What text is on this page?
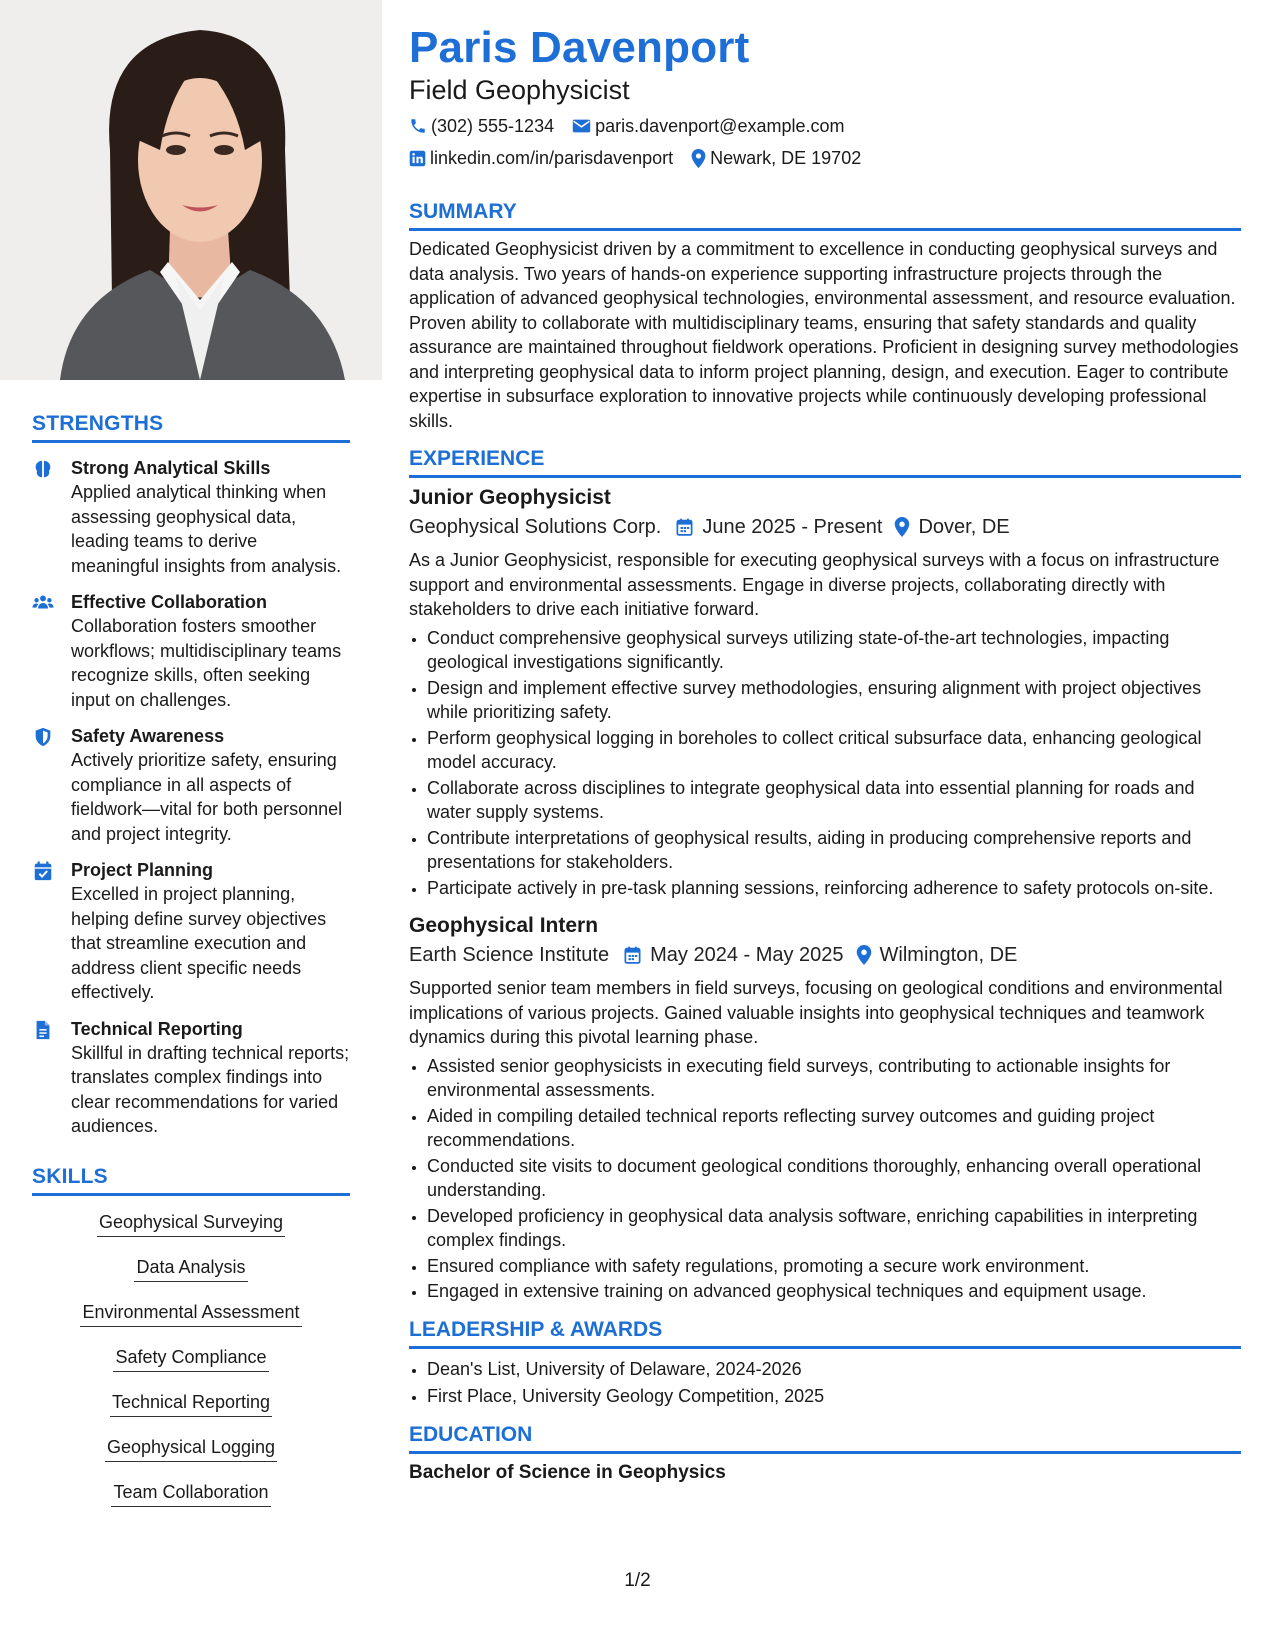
STRENGTHS
Strong Analytical Skills
Applied analytical thinking when assessing geophysical data, leading teams to derive meaningful insights from analysis.
Effective Collaboration
Collaboration fosters smoother workflows; multidisciplinary teams recognize skills, often seeking input on challenges.
Safety Awareness
Actively prioritize safety, ensuring compliance in all aspects of fieldwork—vital for both personnel and project integrity.
Project Planning
Excelled in project planning, helping define survey objectives that streamline execution and address client specific needs effectively.
Technical Reporting
Skillful in drafting technical reports; translates complex findings into clear recommendations for varied audiences.
SKILLS
Geophysical Surveying
Data Analysis
Environmental Assessment
Safety Compliance
Technical Reporting
Geophysical Logging
Team Collaboration
Paris Davenport
Field Geophysicist
(302) 555-1234 paris.davenport@example.com
linkedin.com/in/parisdavenport Newark, DE 19702
SUMMARY

Dedicated Geophysicist driven by a commitment to excellence in conducting geophysical surveys and data analysis. Two years of hands-on experience supporting infrastructure projects through the application of advanced geophysical technologies, environmental assessment, and resource evaluation. Proven ability to collaborate with multidisciplinary teams, ensuring that safety standards and quality assurance are maintained throughout fieldwork operations. Proficient in designing survey methodologies and interpreting geophysical data to inform project planning, design, and execution. Eager to contribute expertise in subsurface exploration to innovative projects while continuously developing professional skills.

EXPERIENCE
Junior Geophysicist
Geophysical Solutions Corp. June 2025 - Present Dover, DE

As a Junior Geophysicist, responsible for executing geophysical surveys with a focus on infrastructure support and environmental assessments. Engage in diverse projects, collaborating directly with stakeholders to drive each initiative forward.

• Conduct comprehensive geophysical surveys utilizing state-of-the-art technologies, impacting geological investigations significantly.
• Design and implement effective survey methodologies, ensuring alignment with project objectives while prioritizing safety.
• Perform geophysical logging in boreholes to collect critical subsurface data, enhancing geological model accuracy.
• Collaborate across disciplines to integrate geophysical data into essential planning for roads and water supply systems.
• Contribute interpretations of geophysical results, aiding in producing comprehensive reports and presentations for stakeholders.
• Participate actively in pre-task planning sessions, reinforcing adherence to safety protocols on-site.
Geophysical Intern
Earth Science Institute May 2024 - May 2025 Wilmington, DE

Supported senior team members in field surveys, focusing on geological conditions and environmental implications of various projects. Gained valuable insights into geophysical techniques and teamwork dynamics during this pivotal learning phase.

• Assisted senior geophysicists in executing field surveys, contributing to actionable insights for environmental assessments.
• Aided in compiling detailed technical reports reflecting survey outcomes and guiding project recommendations.
• Conducted site visits to document geological conditions thoroughly, enhancing overall operational understanding.
• Developed proficiency in geophysical data analysis software, enriching capabilities in interpreting complex findings.
• Ensured compliance with safety regulations, promoting a secure work environment.
• Engaged in extensive training on advanced geophysical techniques and equipment usage.
LEADERSHIP & AWARDS
• Dean's List, University of Delaware, 2024-2026
• First Place, University Geology Competition, 2025
EDUCATION
Bachelor of Science in Geophysics
1/2
